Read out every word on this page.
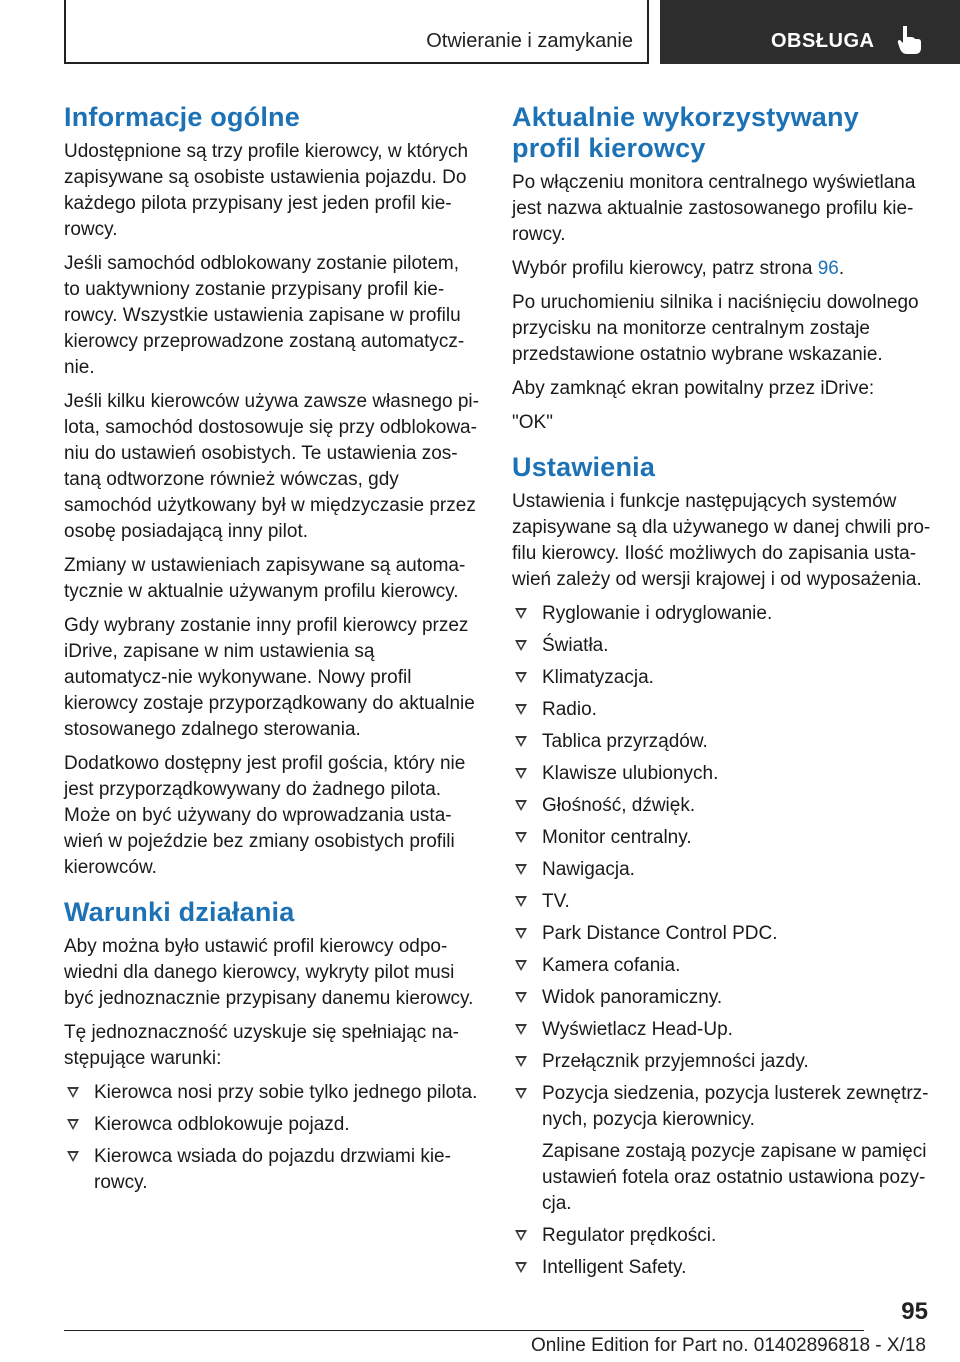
Otwieranie i zamykanie	OBSŁUGA
Informacje ogólne

Udostępnione są trzy profile kierowcy, w których zapisywane są osobiste ustawienia pojazdu. Do każdego pilota przypisany jest jeden profil kie‐rowcy.

Jeśli samochód odblokowany zostanie pilotem, to uaktywniony zostanie przypisany profil kie‐rowcy. Wszystkie ustawienia zapisane w profilu kierowcy przeprowadzone zostaną automatycz‐nie.

Jeśli kilku kierowców używa zawsze własnego pi‐lota, samochód dostosowuje się przy odblokowa‐niu do ustawień osobistych. Te ustawienia zos‐taną odtworzone również wówczas, gdy samochód użytkowany był w międzyczasie przez osobę posiadającą inny pilot.

Zmiany w ustawieniach zapisywane są automa‐tycznie w aktualnie używanym profilu kierowcy.

Gdy wybrany zostanie inny profil kierowcy przez iDrive, zapisane w nim ustawienia są automatycz‐nie wykonywane. Nowy profil kierowcy zostaje przyporządkowany do aktualnie stosowanego zdalnego sterowania.

Dodatkowo dostępny jest profil gościa, który nie jest przyporządkowywany do żadnego pilota. Może on być używany do wprowadzania usta‐wień w pojeździe bez zmiany osobistych profili kierowców.

Warunki działania

Aby można było ustawić profil kierowcy odpo‐wiedni dla danego kierowcy, wykryty pilot musi być jednoznacznie przypisany danemu kierowcy.

Tę jednoznaczność uzyskuje się spełniając na‐stępujące warunki:

Kierowca nosi przy sobie tylko jednego pilota.
Kierowca odblokowuje pojazd.
Kierowca wsiada do pojazdu drzwiami kie‐rowcy.
Aktualnie wykorzystywany profil kierowcy

Po włączeniu monitora centralnego wyświetlana jest nazwa aktualnie zastosowanego profilu kie‐rowcy.

Wybór profilu kierowcy, patrz strona 96.

Po uruchomieniu silnika i naciśnięciu dowolnego przycisku na monitorze centralnym zostaje przedstawione ostatnio wybrane wskazanie.

Aby zamknąć ekran powitalny przez iDrive:

"OK"

Ustawienia

Ustawienia i funkcje następujących systemów zapisywane są dla używanego w danej chwili pro‐filu kierowcy. Ilość możliwych do zapisania usta‐wień zależy od wersji krajowej i od wyposażenia.

Ryglowanie i odryglowanie.
Światła.
Klimatyzacja.
Radio.
Tablica przyrządów.
Klawisze ulubionych.
Głośność, dźwięk.
Monitor centralny.
Nawigacja.
TV.
Park Distance Control PDC.
Kamera cofania.
Widok panoramiczny.
Wyświetlacz Head-Up.
Przełącznik przyjemności jazdy.
Pozycja siedzenia, pozycja lusterek zewnętrz‐nych, pozycja kierownicy.
Zapisane zostają pozycje zapisane w pamięci ustawień fotela oraz ostatnio ustawiona pozy‐cja.
Regulator prędkości.
Intelligent Safety.
95
Online Edition for Part no. 01402896818 - X/18
